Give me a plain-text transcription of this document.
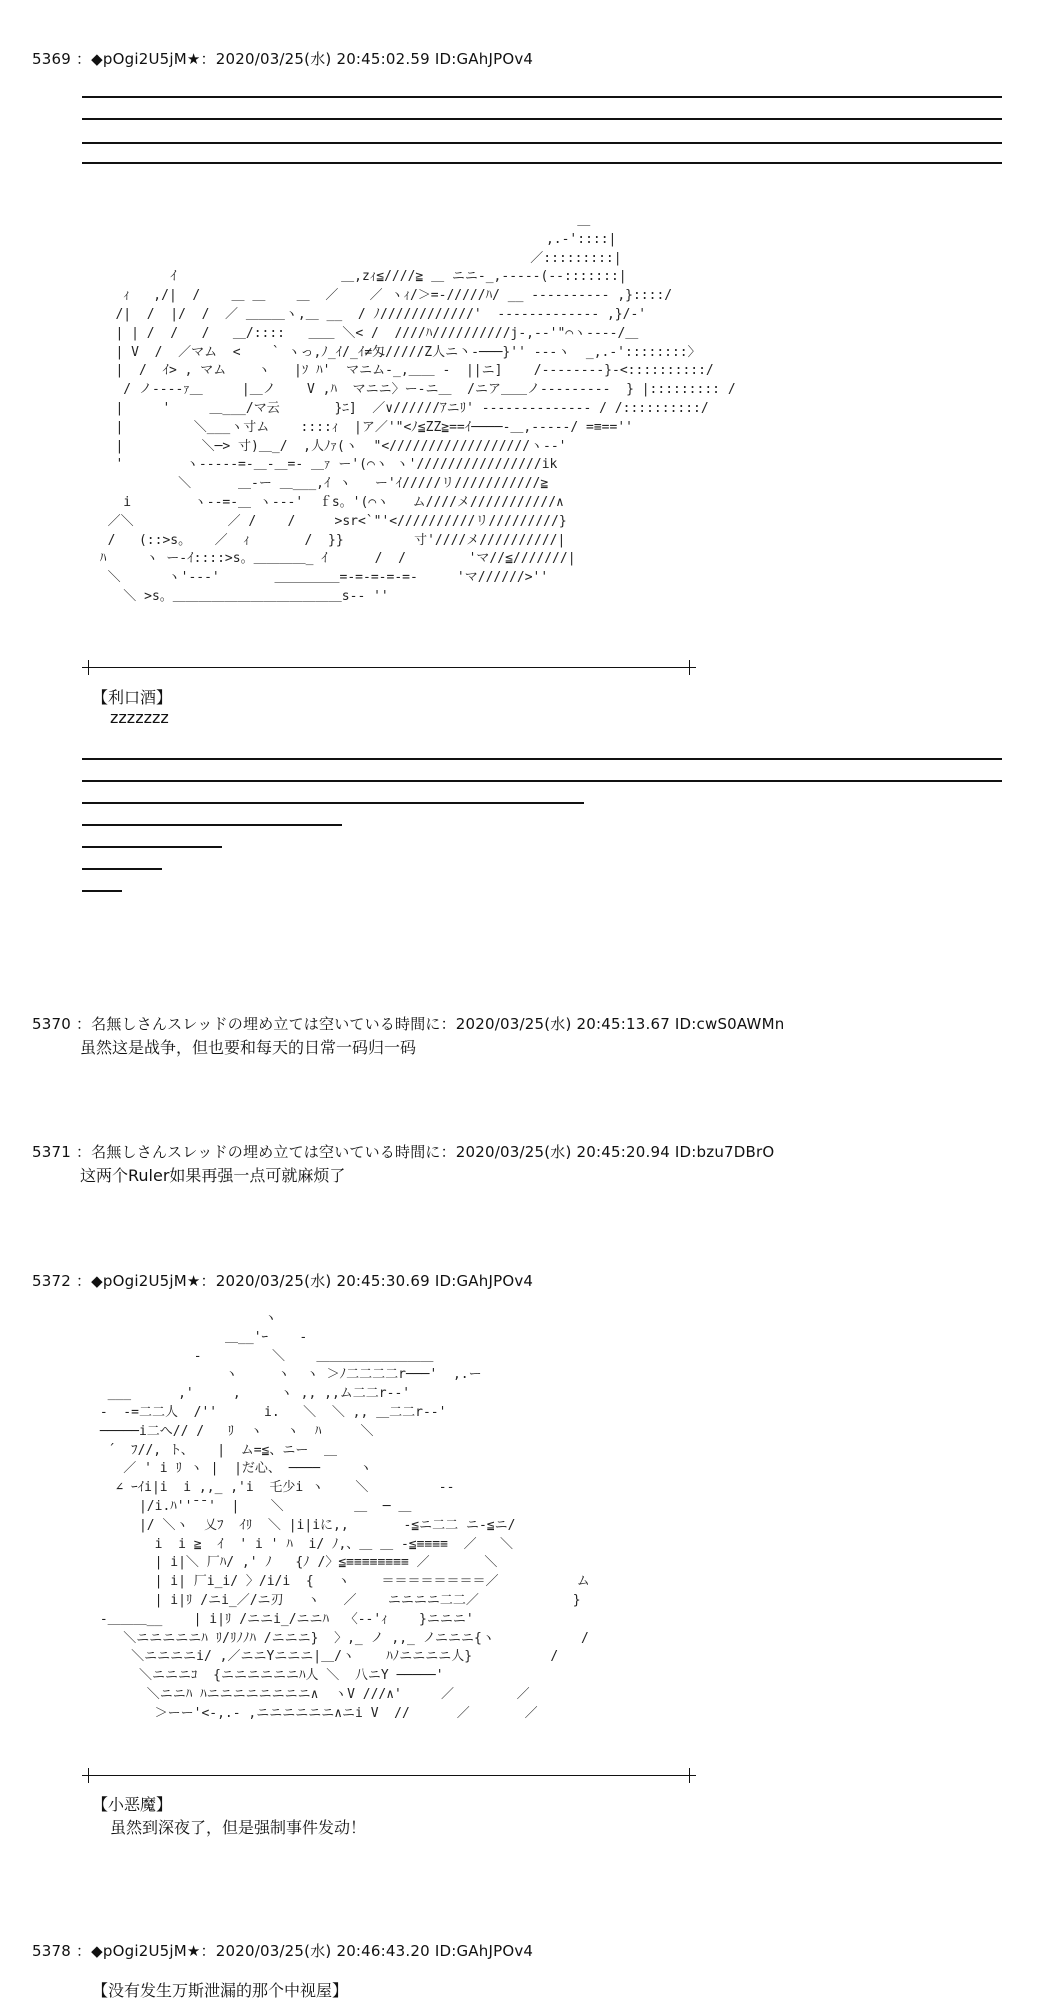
5369 ：◆pOgi2U5jM★：2020/03/25(水) 20:45:02.59 ID:GAhJPOv4
＿
,.-'::::|
／:::::::::|
ｲ                     ＿,zｨ≦////≧ ＿ ニニ-_,-----(--:::::::|
ｨ   ,/|  /    ＿ ＿    ＿  ／    ／ ヽｨ/＞=-/////ﾊ/ __ ---------- ,}::::/
/|  /  |/  /  ／ ＿＿＿ヽ,＿ __  / ﾉ////////////'  ------------- ,}/‐'
| | /  /   /   ＿/::::   ＿＿ ＼< /  ////ﾊ//////////j-,-‐'"⌒ヽ----/＿
| V  /  ／マム  <    ` ヽっ,ﾉ_ｲ/_ｲ≠匁/////Z人ニ丶-───}'' ---ヽ  _,.-'::::::::〉
|  /  ｲ> , マム    ヽ   |ｿ ﾊ'  マニム-_,＿＿ -  ||ニ]    /--------}-<::::::::::/
/ ノ----ｧ＿     |＿ノ    V ,ﾊ  マニニ〉ー-ニ＿  /ニア＿＿ノ---------  } |::::::::: /
|     '     ＿___/マ云       }ﾆ]  ／∨//////ｱニﾘ' -------------- / /::::::::::/
|         ＼___ヽ寸ム    ::::ｨ  |ア／'"<ﾉ≦ZZ≧==ｲ────-＿,-----/ =≡==''
|          ＼─> 寸)＿_/  ,人ﾉｧ(ヽ  "<//////////////////ヽ--'
'        ヽ-----=-＿-＿=- ＿ｧ ー'(⌒ヽ ヽ'////////////////ik
＼      ＿-ー ＿___,ｲ ヽ   ー'ｲ/////リ///////////≧
i        ヽ--=-＿ ヽ---'  ｆs。'(⌒ヽ   ム////メ///////////∧
／＼            ／ /    /     >sr<`"'<//////////リ/////////}
/   (::>s。   ／  ｨ       /  }}         寸'////メ//////////|
ﾊ     ヽ ー-ｲ::::>s。＿＿＿＿_ ｲ      /  /        'マ//≦///////|
＼      ヽ'---'       ＿＿＿＿＿=-=-=-=-=-     'マ//////>''
＼ >s。＿＿＿＿＿＿＿＿＿＿＿＿＿s-‐ ''
【利口酒】
zzzzzzz
5370 ：名無しさんスレッドの埋め立ては空いている時間に：2020/03/25(水) 20:45:13.67 ID:cwS0AWMn
虽然这是战争，但也要和每天的日常一码归一码
5371 ：名無しさんスレッドの埋め立ては空いている時間に：2020/03/25(水) 20:45:20.94 ID:bzu7DBrO
这两个Ruler如果再强一点可就麻烦了
5372 ：◆pOgi2U5jM★：2020/03/25(水) 20:45:30.69 ID:GAhJPOv4
ヽ
＿__'ｰ    -
-         ＼    ＿＿＿＿＿＿＿＿＿
ヽ     ヽ  ヽ ＞ﾉ二二二二r───'  ,.ー
___      ,'     ,     ヽ ,, ,,ム二二r--'
-  -=二二人  /''      i.   ＼  ＼ ,, ＿二二r--'
─────i二へ// /   ﾘ  ヽ   ヽ  ﾊ     ＼
´  ﾌ//, ト、   |  ム=≦、ニー  ＿
／ ' i ﾘ ヽ |  |だ心、 ────     ヽ
∠ ｰｲi|i  i ,,_ ,'i  乇少i ヽ    ＼         --
|/i.ﾊ''¯¯'  |    ＼         ＿  ─ ＿
|/ ＼ヽ  乂ﾌ  ｲﾘ  ＼ |i|iに,,       -≦ニ二二 ニ-≦ニ/
i  i ≧  ｲ  ' i ' ﾊ  i/ ﾉ,、＿ ＿ -≦≡≡≡≡  ／   ＼
| i|＼ 厂ﾊ/ ,' ﾉ   {ﾉ /〉≦≡≡≡≡≡≡≡≡ ／       ＼
| i| 厂i_i/ 〉/i/i  {   ヽ    ＝＝＝＝＝＝＝＝／          ム
| i|ﾘ /ニi_／/ニ刃   ヽ   ／    ニニニニ二二／            }
-＿＿＿__    | i|ﾘ /ニニi_/ニニﾊ  〈--'ｨ    }ニニニ'
＼ニニニニニﾊ ﾘ/ﾘﾉﾉﾊ /ニニニ}  〉,_ ノ ,,_ ノニニニ{ヽ           /
＼ニニニニi/ ,／ニニYニニニ|＿/ヽ    ﾊﾉニニニニ人}          /
＼ニニニｺ  {ニニニニニニﾊ人 ＼  八ニY ─────'
＼ニニﾊ ﾊニニニニニニニニ∧  ヽV ///∧'     ／        ／
＞ーー'<-,.- ,ニニニニニニ∧ニi V  //      ／       ／
【小恶魔】
虽然到深夜了，但是强制事件发动！
5378 ：◆pOgi2U5jM★：2020/03/25(水) 20:46:43.20 ID:GAhJPOv4
【没有发生万斯泄漏的那个中视屋】
